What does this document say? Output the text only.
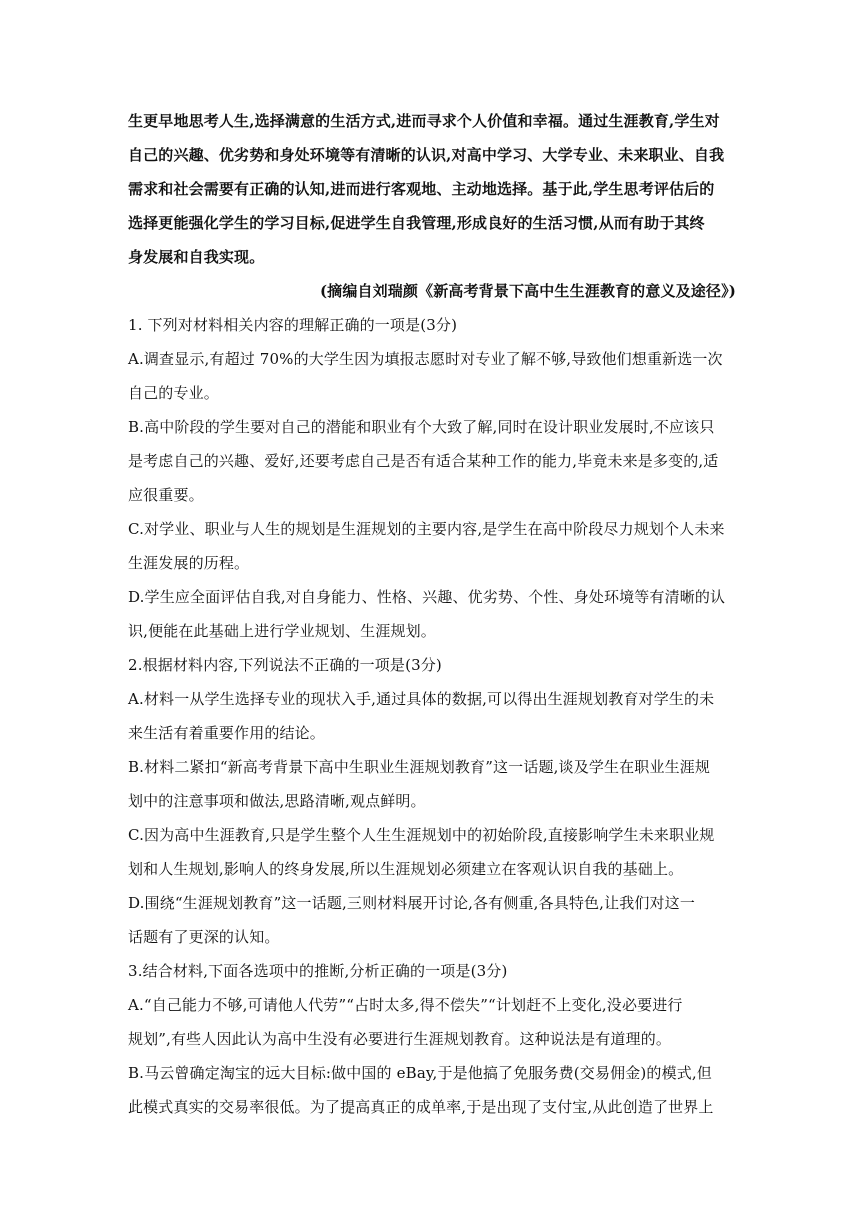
生更早地思考人生,选择满意的生活方式,进而寻求个人价值和幸福。通过生涯教育,学生对
自己的兴趣、优劣势和身处环境等有清晰的认识,对高中学习、大学专业、未来职业、自我
需求和社会需要有正确的认知,进而进行客观地、主动地选择。基于此,学生思考评估后的
选择更能强化学生的学习目标,促进学生自我管理,形成良好的生活习惯,从而有助于其终
身发展和自我实现。
(摘编自刘瑞颜《新高考背景下高中生生涯教育的意义及途径》)
1. 下列对材料相关内容的理解正确的一项是(3分)
A.调查显示,有超过 70%的大学生因为填报志愿时对专业了解不够,导致他们想重新选一次
自己的专业。
B.高中阶段的学生要对自己的潜能和职业有个大致了解,同时在设计职业发展时,不应该只
是考虑自己的兴趣、爱好,还要考虑自己是否有适合某种工作的能力,毕竟未来是多变的,适
应很重要。
C.对学业、职业与人生的规划是生涯规划的主要内容,是学生在高中阶段尽力规划个人未来
生涯发展的历程。
D.学生应全面评估自我,对自身能力、性格、兴趣、优劣势、个性、身处环境等有清晰的认
识,便能在此基础上进行学业规划、生涯规划。
2.根据材料内容,下列说法不正确的一项是(3分)
A.材料一从学生选择专业的现状入手,通过具体的数据,可以得出生涯规划教育对学生的未
来生活有着重要作用的结论。
B.材料二紧扣“新高考背景下高中生职业生涯规划教育”这一话题,谈及学生在职业生涯规
划中的注意事项和做法,思路清晰,观点鲜明。
C.因为高中生涯教育,只是学生整个人生生涯规划中的初始阶段,直接影响学生未来职业规
划和人生规划,影响人的终身发展,所以生涯规划必须建立在客观认识自我的基础上。
D.围绕“生涯规划教育”这一话题,三则材料展开讨论,各有侧重,各具特色,让我们对这一
话题有了更深的认知。
3.结合材料,下面各选项中的推断,分析正确的一项是(3分)
A.“自己能力不够,可请他人代劳”“占时太多,得不偿失”“计划赶不上变化,没必要进行
规划”,有些人因此认为高中生没有必要进行生涯规划教育。这种说法是有道理的。
B.马云曾确定淘宝的远大目标:做中国的 eBay,于是他搞了免服务费(交易佣金)的模式,但
此模式真实的交易率很低。为了提高真正的成单率,于是出现了支付宝,从此创造了世界上
